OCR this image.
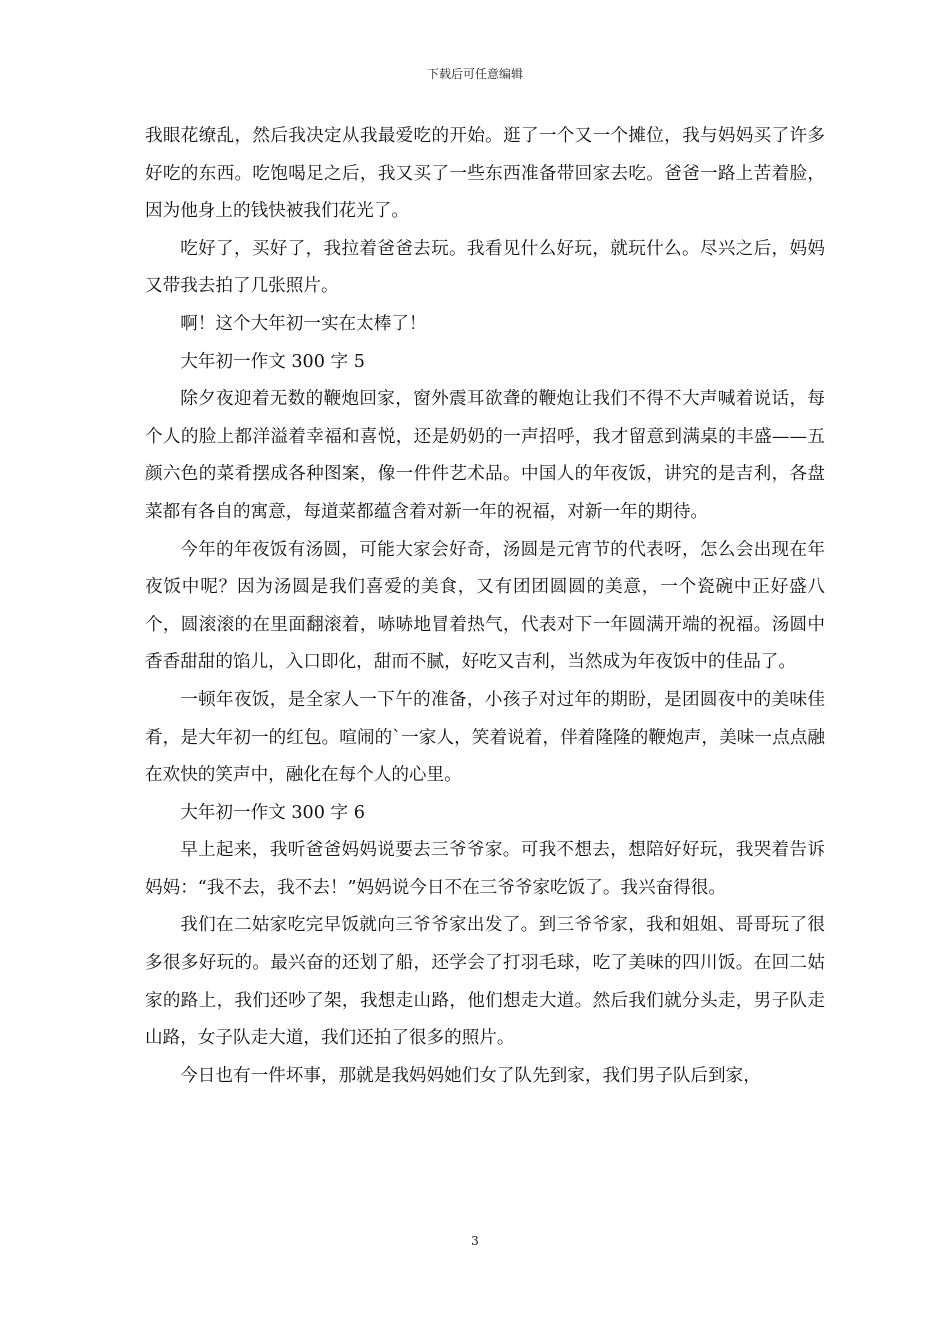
下载后可任意编辑

我眼花缭乱，然后我决定从我最爱吃的开始。逛了一个又一个摊位，我与妈妈买了许多好吃的东西。吃饱喝足之后，我又买了一些东西准备带回家去吃。爸爸一路上苦着脸，因为他身上的钱快被我们花光了。

吃好了，买好了，我拉着爸爸去玩。我看见什么好玩，就玩什么。尽兴之后，妈妈又带我去拍了几张照片。

啊！这个大年初一实在太棒了！

大年初一作文 300 字 5

除夕夜迎着无数的鞭炮回家，窗外震耳欲聋的鞭炮让我们不得不大声喊着说话，每个人的脸上都洋溢着幸福和喜悦，还是奶奶的一声招呼，我才留意到满桌的丰盛——五颜六色的菜肴摆成各种图案，像一件件艺术品。中国人的年夜饭，讲究的是吉利，各盘菜都有各自的寓意，每道菜都蕴含着对新一年的祝福，对新一年的期待。

今年的年夜饭有汤圆，可能大家会好奇，汤圆是元宵节的代表呀，怎么会出现在年夜饭中呢？因为汤圆是我们喜爱的美食，又有团团圆圆的美意，一个瓷碗中正好盛八个，圆滚滚的在里面翻滚着，哧哧地冒着热气，代表对下一年圆满开端的祝福。汤圆中香香甜甜的馅儿，入口即化，甜而不腻，好吃又吉利，当然成为年夜饭中的佳品了。

一顿年夜饭，是全家人一下午的准备，小孩子对过年的期盼，是团圆夜中的美味佳肴，是大年初一的红包。喧闹的`一家人，笑着说着，伴着隆隆的鞭炮声，美味一点点融在欢快的笑声中，融化在每个人的心里。

大年初一作文 300 字 6

早上起来，我听爸爸妈妈说要去三爷爷家。可我不想去，想陪好好玩，我哭着告诉妈妈：“我不去，我不去！”妈妈说今日不在三爷爷家吃饭了。我兴奋得很。

我们在二姑家吃完早饭就向三爷爷家出发了。到三爷爷家，我和姐姐、哥哥玩了很多很多好玩的。最兴奋的还划了船，还学会了打羽毛球，吃了美味的四川饭。在回二姑家的路上，我们还吵了架，我想走山路，他们想走大道。然后我们就分头走，男子队走山路，女子队走大道，我们还拍了很多的照片。

今日也有一件坏事，那就是我妈妈她们女了队先到家，我们男子队后到家，

3
